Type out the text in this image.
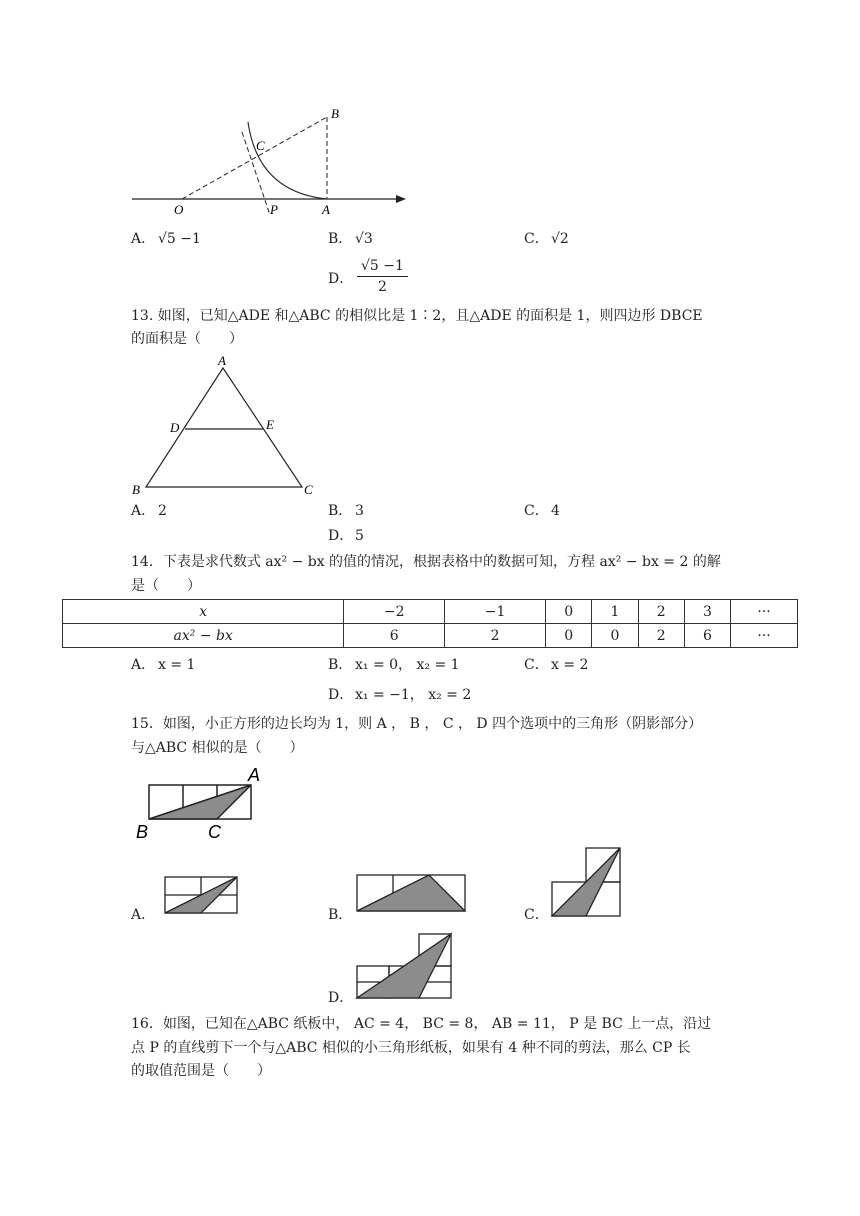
B
C
O	P	A
A． √5 −1	B． √3	C． √2
D． $\frac{√5 -1}{2}$
13. 如图，已知△ADE 和△ABC 的相似比是 1∶2，且△ADE 的面积是 1，则四边形 DBCE
的面积是（　　）
A
D	E
B	C
A． 2	B． 3	C． 4
D． 5
14．下表是求代数式 ax² − bx 的值的情况，根据表格中的数据可知，方程 ax² − bx = 2 的解
是（　　）
x	−2	−1	0	1	2	3	···
ax² − bx	6	2	0	0	2	6	···
A． x = 1	B． x₁ = 0， x₂ = 1	C． x = 2
D． x₁ = −1， x₂ = 2
15．如图，小正方形的边长均为 1，则 A ， B ， C ， D 四个选项中的三角形（阴影部分）
与△ABC 相似的是（　　）
A
B	C
A．	B．	C．
D．
16．如图，已知在△ABC 纸板中， AC = 4， BC = 8， AB = 11， P 是 BC 上一点，沿过
点 P 的直线剪下一个与△ABC 相似的小三角形纸板，如果有 4 种不同的剪法，那么 CP 长
的取值范围是（　　）
